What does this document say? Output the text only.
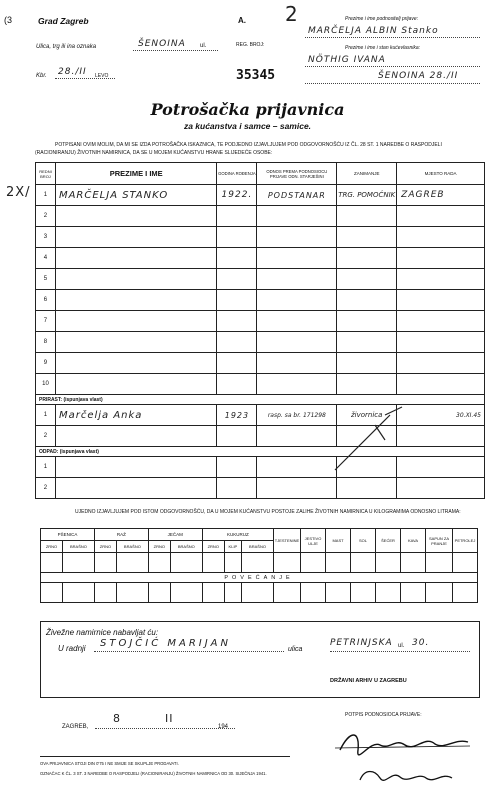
(3	Grad Zagreb	A. 2
Ulica, trg ili ina oznaka	ŠENOINA ul.
Kbr. 28./II LEVO
REG. BROJ:
35345
Prezime i ime podnositelj prijave:
MARČELJA ALBIN Stanko
Prezime i ime i stan kućevlasnika:
NÖTHIG IVANA
ŠENOINA 28./II
Potrošačka prijavnica
za kućanstva i samce – samice.
POTPISANI OVIM MOLIM, DA MI SE IZDA POTROŠAČKA ISKAZNICA, TE PODJEDNO IZJAVLJUJEM POD ODGOVORNOŠĆU IZ ČL. 28 ST. 1 NAREDBE O RASPODJELI (RACIONIRANJU) ŽIVOTNIH NAMIRNICA, DA SE U MOJEM KUĆANSTVU HRANE SLIJEDEĆE OSOBE:
2X/
REDNI BROJ	PREZIME I IME	GODINA ROĐENJA	ODNOS PREMA PODNOSIOCU PRIJAVE ODN. STARJEŠINI	ZANIMANJE	MJESTO RADA
1	MARČELJA STANKO	1922.	PODSTANAR	TRG. POMOĆNIK	ZAGREB
2					
3					
4					
5					
6					
7					
8					
9					
10					
PRIRAST: (ispunjava vlast)					
1	Marčelja Anka	1923	rasp. sa br. 171298	živornica	30.XI.45
2					
ODPAD: (ispunjava vlast)					
1					
2					
UJEDNO IZJAVLJUJEM POD ISTOM ODGOVORNOŠĆU, DA U MOJEM KUĆANSTVU POSTOJE ZALIHE ŽIVOTNIH NAMIRNICA U KILOGRAMIMA ODNOSNO LITRAMA:
PŠENICA		RAŽ		JEČAM		KUKURUZ			TJESTENINE	JESTIVO ULJE	MAST	SOL	ŠEĆER	KAVA	SAPUN ZA PRANJE	PETROLEJ
ZRNO	BRAŠNO	ZRNO	BRAŠNO	ZRNO	BRAŠNO	ZRNO	KLIP	BRAŠNO								

POVEĆANJE																

Živežne namirnice nabavljat ću:
U radnji STOJČIĆ MARIJAN
ulica
PETRINJSKA ul. 30.
DRŽAVNI ARHIV U ZAGREBU
ZAGREB,
8	II
194
POTPIS PODNOSIOCA PRIJAVE:
OVA PRIJAVNICA STOJI DIN 0'75 I NE SMIJE SE SKUPLJE PRODAVATI.
OZNAČAC K ČL. 3 ST. 3 NAREDBE O RASPODJELI (RACIONIRANJU) ŽIVOTNIH NAMIRNICA OD 30. SIJEČNJA 1941.
